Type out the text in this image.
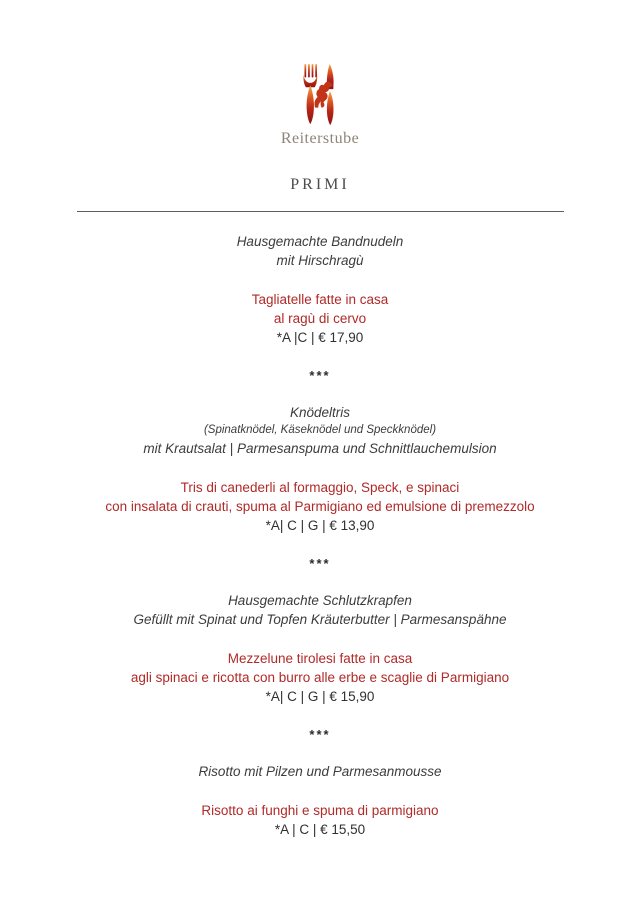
Reiterstube
PRIMI
Hausgemachte Bandnudeln
mit Hirschragù
Tagliatelle fatte in casa
al ragù di cervo
*A |C | € 17,90
***
Knödeltris
(Spinatknödel, Käseknödel und Speckknödel)
mit Krautsalat | Parmesanspuma und Schnittlauchemulsion
Tris di canederli al formaggio, Speck, e spinaci
con insalata di crauti, spuma al Parmigiano ed emulsione di premezzolo
*A| C | G | € 13,90
***
Hausgemachte Schlutzkrapfen
Gefüllt mit Spinat und Topfen Kräuterbutter | Parmesanspähne
Mezzelune tirolesi fatte in casa
agli spinaci e ricotta con burro alle erbe e scaglie di Parmigiano
*A| C | G | € 15,90
***
Risotto mit Pilzen und Parmesanmousse
Risotto ai funghi e spuma di parmigiano
*A | C | € 15,50
